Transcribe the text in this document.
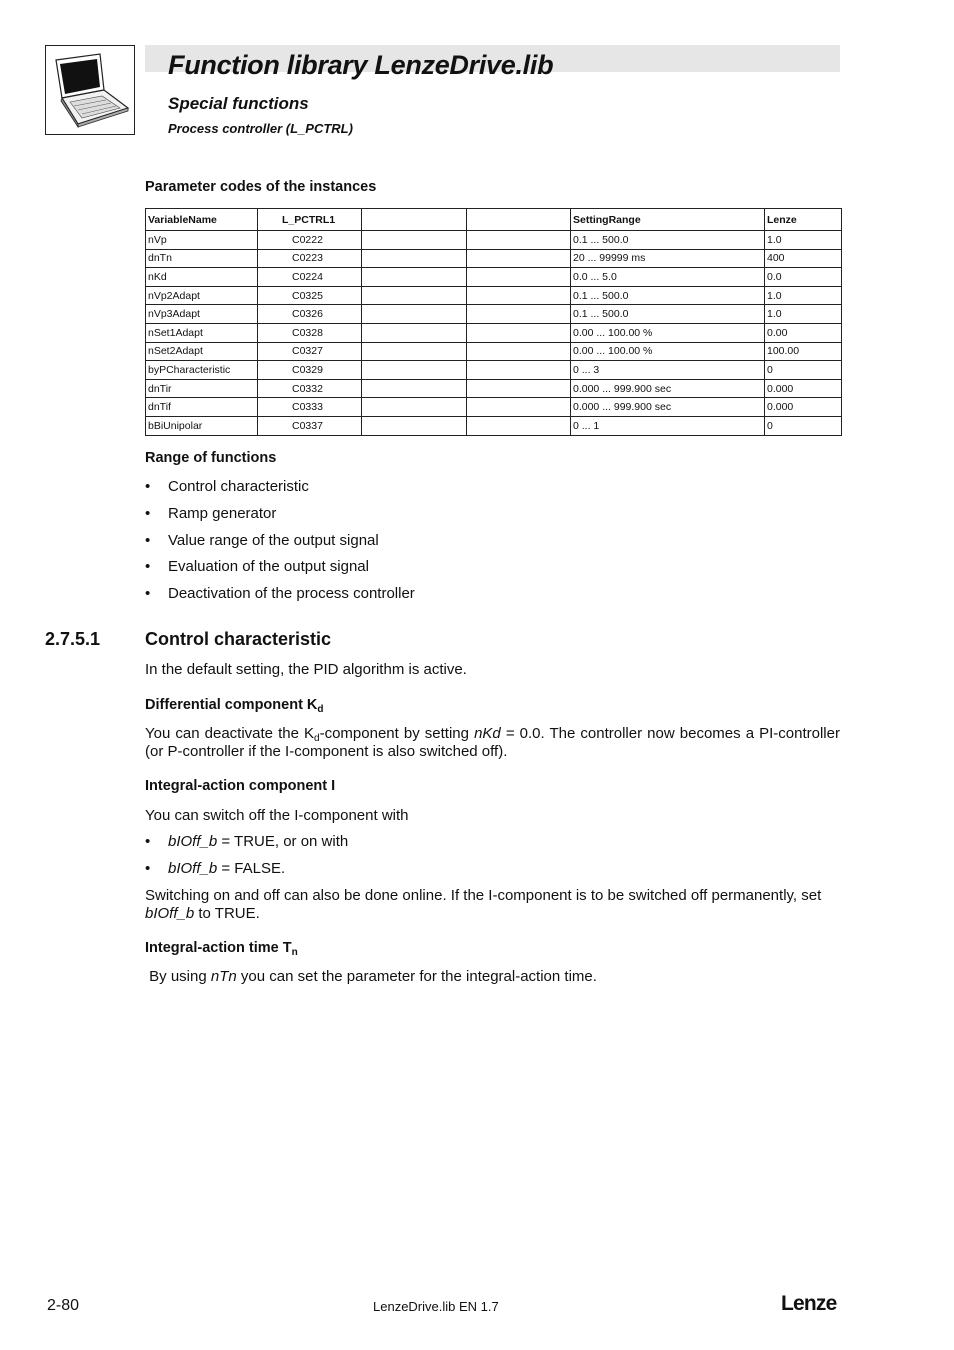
Function library LenzeDrive.lib
Special functions
Process controller (L_PCTRL)
Parameter codes of the instances
VariableName	L_PCTRL1			SettingRange	Lenze
nVp	C0222			0.1 ... 500.0	1.0
dnTn	C0223			20 ... 99999 ms	400
nKd	C0224			0.0 ... 5.0	0.0
nVp2Adapt	C0325			0.1 ... 500.0	1.0
nVp3Adapt	C0326			0.1 ... 500.0	1.0
nSet1Adapt	C0328			0.00 ... 100.00 %	0.00
nSet2Adapt	C0327			0.00 ... 100.00 %	100.00
byPCharacteristic	C0329			0 ... 3	0
dnTir	C0332			0.000 ... 999.900 sec	0.000
dnTif	C0333			0.000 ... 999.900 sec	0.000
bBiUnipolar	C0337			0 ... 1	0
Range of functions
• Control characteristic
• Ramp generator
• Value range of the output signal
• Evaluation of the output signal
• Deactivation of the process controller
2.7.5.1 Control characteristic
In the default setting, the PID algorithm is active.
Differential component $K_d$
You can deactivate the $K_d$-component by setting nKd = 0.0. The controller now becomes a PI-controller (or P-controller if the I-component is also switched off).
Integral-action component I
You can switch off the I-component with
• bIOff_b = TRUE, or on with
• bIOff_b = FALSE.
Switching on and off can also be done online. If the I-component is to be switched off permanently, set bIOff_b to TRUE.
Integral-action time $T_n$
By using nTn you can set the parameter for the integral-action time.
2-80	LenzeDrive.lib EN 1.7	Lenze
